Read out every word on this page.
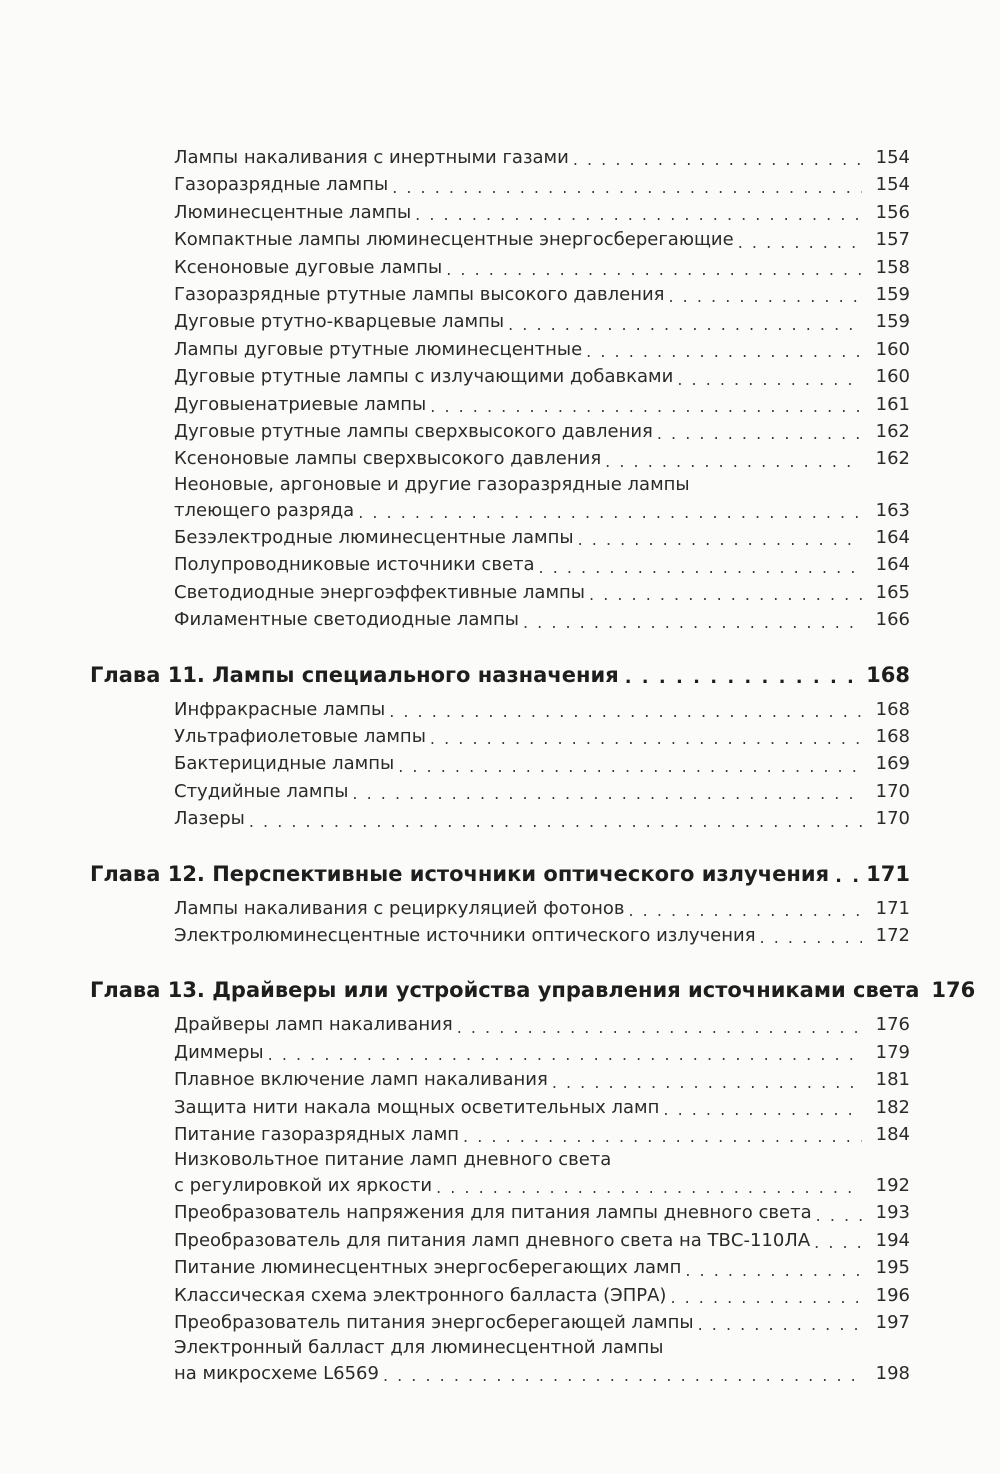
Лампы накаливания с инертными газами . . .	154
Газоразрядные лампы . . .	154
Люминесцентные лампы . . .	156
Компактные лампы люминесцентные энергосберегающие . . .	157
Ксеноновые дуговые лампы . . .	158
Газоразрядные ртутные лампы высокого давления . . .	159
Дуговые ртутно-кварцевые лампы . . .	159
Лампы дуговые ртутные люминесцентные . . .	160
Дуговые ртутные лампы с излучающими добавками . . .	160
Дуговыенатриевые лампы . . .	161
Дуговые ртутные лампы сверхвысокого давления . . .	162
Ксеноновые лампы сверхвысокого давления . . .	162
Неоновые, аргоновые и другие газоразрядные лампы
тлеющего разряда . . .	163
Безэлектродные люминесцентные лампы . . .	164
Полупроводниковые источники света . . .	164
Светодиодные энергоэффективные лампы . . .	165
Филаментные светодиодные лампы . . .	166
Глава 11. Лампы специального назначения . . .	168
Инфракрасные лампы . . .	168
Ультрафиолетовые лампы . . .	168
Бактерицидные лампы . . .	169
Студийные лампы . . .	170
Лазеры . . .	170
Глава 12. Перспективные источники оптического излучения . . . 171
Лампы накаливания с рециркуляцией фотонов . . .	171
Электролюминесцентные источники оптического излучения . . .	172
Глава 13. Драйверы или устройства управления источниками света 176
Драйверы ламп накаливания . . .	176
Диммеры . . .	179
Плавное включение ламп накаливания . . .	181
Защита нити накала мощных осветительных ламп . . .	182
Питание газоразрядных ламп . . .	184
Низковольтное питание ламп дневного света
с регулировкой их яркости . . .	192
Преобразователь напряжения для питания лампы дневного света . . .	193
Преобразователь для питания ламп дневного света на ТВС-110ЛА . . .	194
Питание люминесцентных энергосберегающих ламп . . .	195
Классическая схема электронного балласта (ЭПРА) . . .	196
Преобразователь питания энергосберегающей лампы . . .	197
Электронный балласт для люминесцентной лампы
на микросхеме L6569 . . .	198
